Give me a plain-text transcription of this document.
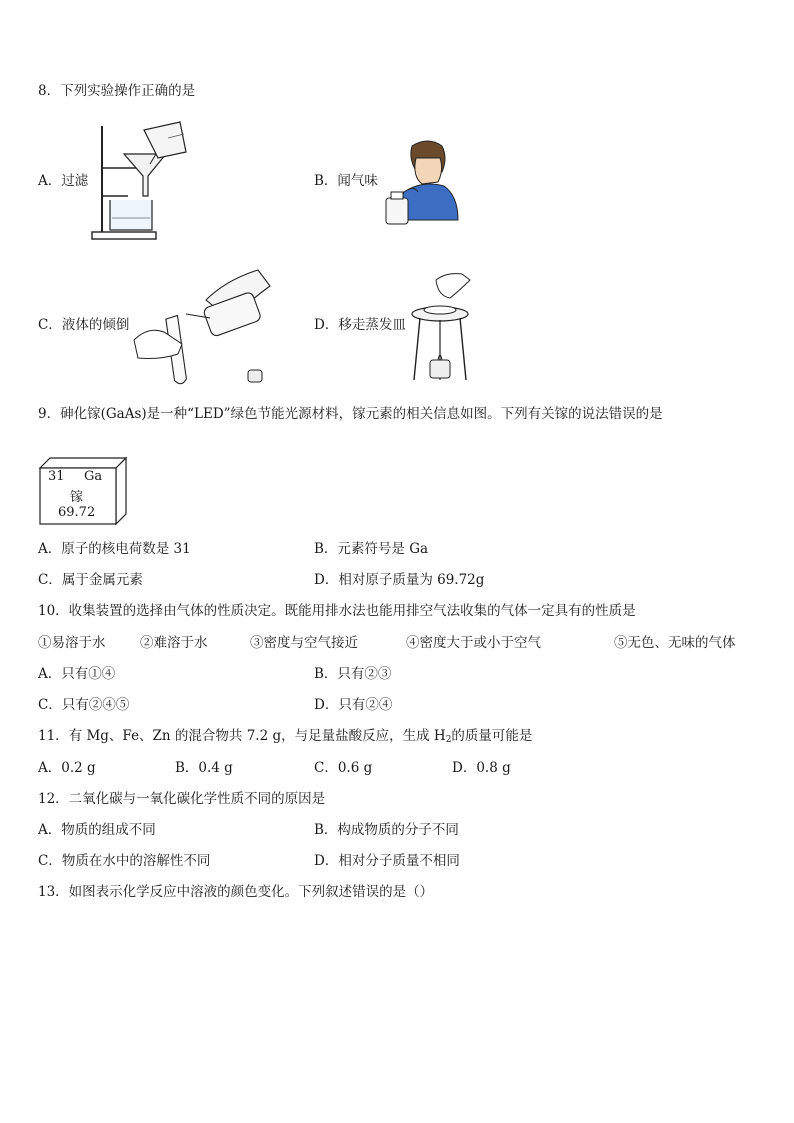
8．下列实验操作正确的是
A．过滤	B．闻气味
C．液体的倾倒	D．移走蒸发皿
9．砷化镓(GaAs)是一种“LED”绿色节能光源材料，镓元素的相关信息如图。下列有关镓的说法错误的是
31 Ga
镓
69.72
A．原子的核电荷数是 31	B．元素符号是 Ga
C．属于金属元素	D．相对原子质量为 69.72g
10．收集装置的选择由气体的性质决定。既能用排水法也能用排空气法收集的气体一定具有的性质是
①易溶于水	②难溶于水	③密度与空气接近	④密度大于或小于空气	⑤无色、无味的气体
A．只有①④	B．只有②③
C．只有②④⑤	D．只有②④
11．有 Mg、Fe、Zn 的混合物共 7.2 g，与足量盐酸反应，生成 $H_2$的质量可能是
A．0.2 g	B．0.4 g	C．0.6 g	D．0.8 g
12．二氧化碳与一氧化碳化学性质不同的原因是
A．物质的组成不同	B．构成物质的分子不同
C．物质在水中的溶解性不同	D．相对分子质量不相同
13．如图表示化学反应中溶液的颜色变化。下列叙述错误的是（）
